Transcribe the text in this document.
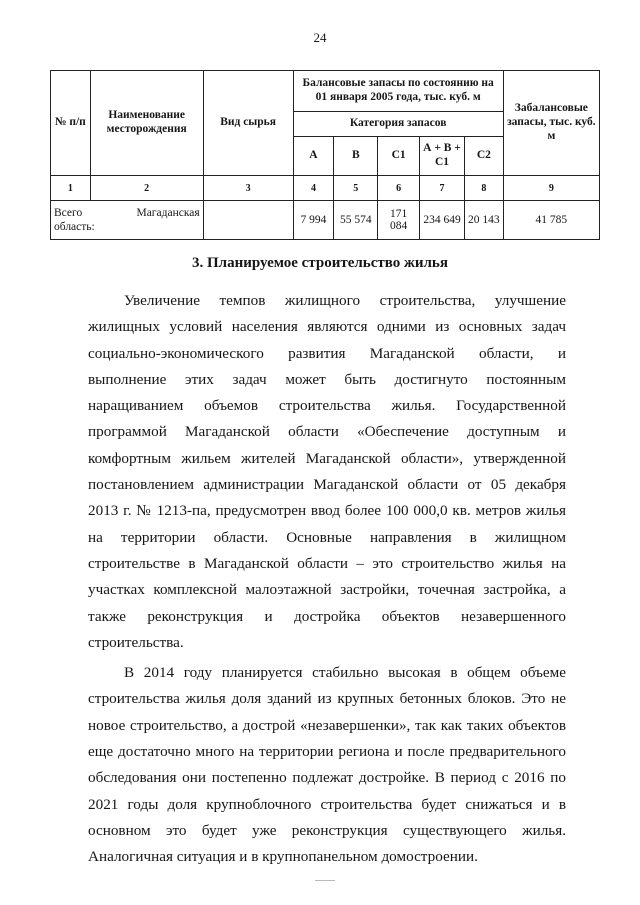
24
№ п/п	Наименование месторождения	Вид сырья	Балансовые запасы по состоянию на 01 января 2005 года, тыс. куб. м					Забалансовые запасы, тыс. куб. м
			Категория запасов					
			А	В	С1	А + В + С1	С2	
1	2	3	4	5	6	7	8	9

Всего Магаданская
область:			7 994	55 574	171 084	234 649	20 143	41 785
3. Планируемое строительство жилья

Увеличение темпов жилищного строительства, улучшение жилищных условий населения являются одними из основных задач социально-экономического развития Магаданской области, и выполнение этих задач может быть достигнуто постоянным наращиванием объемов строительства жилья. Государственной программой Магаданской области «Обеспечение доступным и комфортным жильем жителей Магаданской области», утвержденной постановлением администрации Магаданской области от 05 декабря 2013 г. № 1213-па, предусмотрен ввод более 100 000,0 кв. метров жилья на территории области. Основные направления в жилищном строительстве в Магаданской области – это строительство жилья на участках комплексной малоэтажной застройки, точечная застройка, а также реконструкция и достройка объектов незавершенного строительства.

В 2014 году планируется стабильно высокая в общем объеме строительства жилья доля зданий из крупных бетонных блоков. Это не новое строительство, а дострой «незавершенки», так как таких объектов еще достаточно много на территории региона и после предварительного обследования они постепенно подлежат достройке. В период с 2016 по 2021 годы доля крупноблочного строительства будет снижаться и в основном это будет уже реконструкция существующего жилья. Аналогичная ситуация и в крупнопанельном домостроении.
